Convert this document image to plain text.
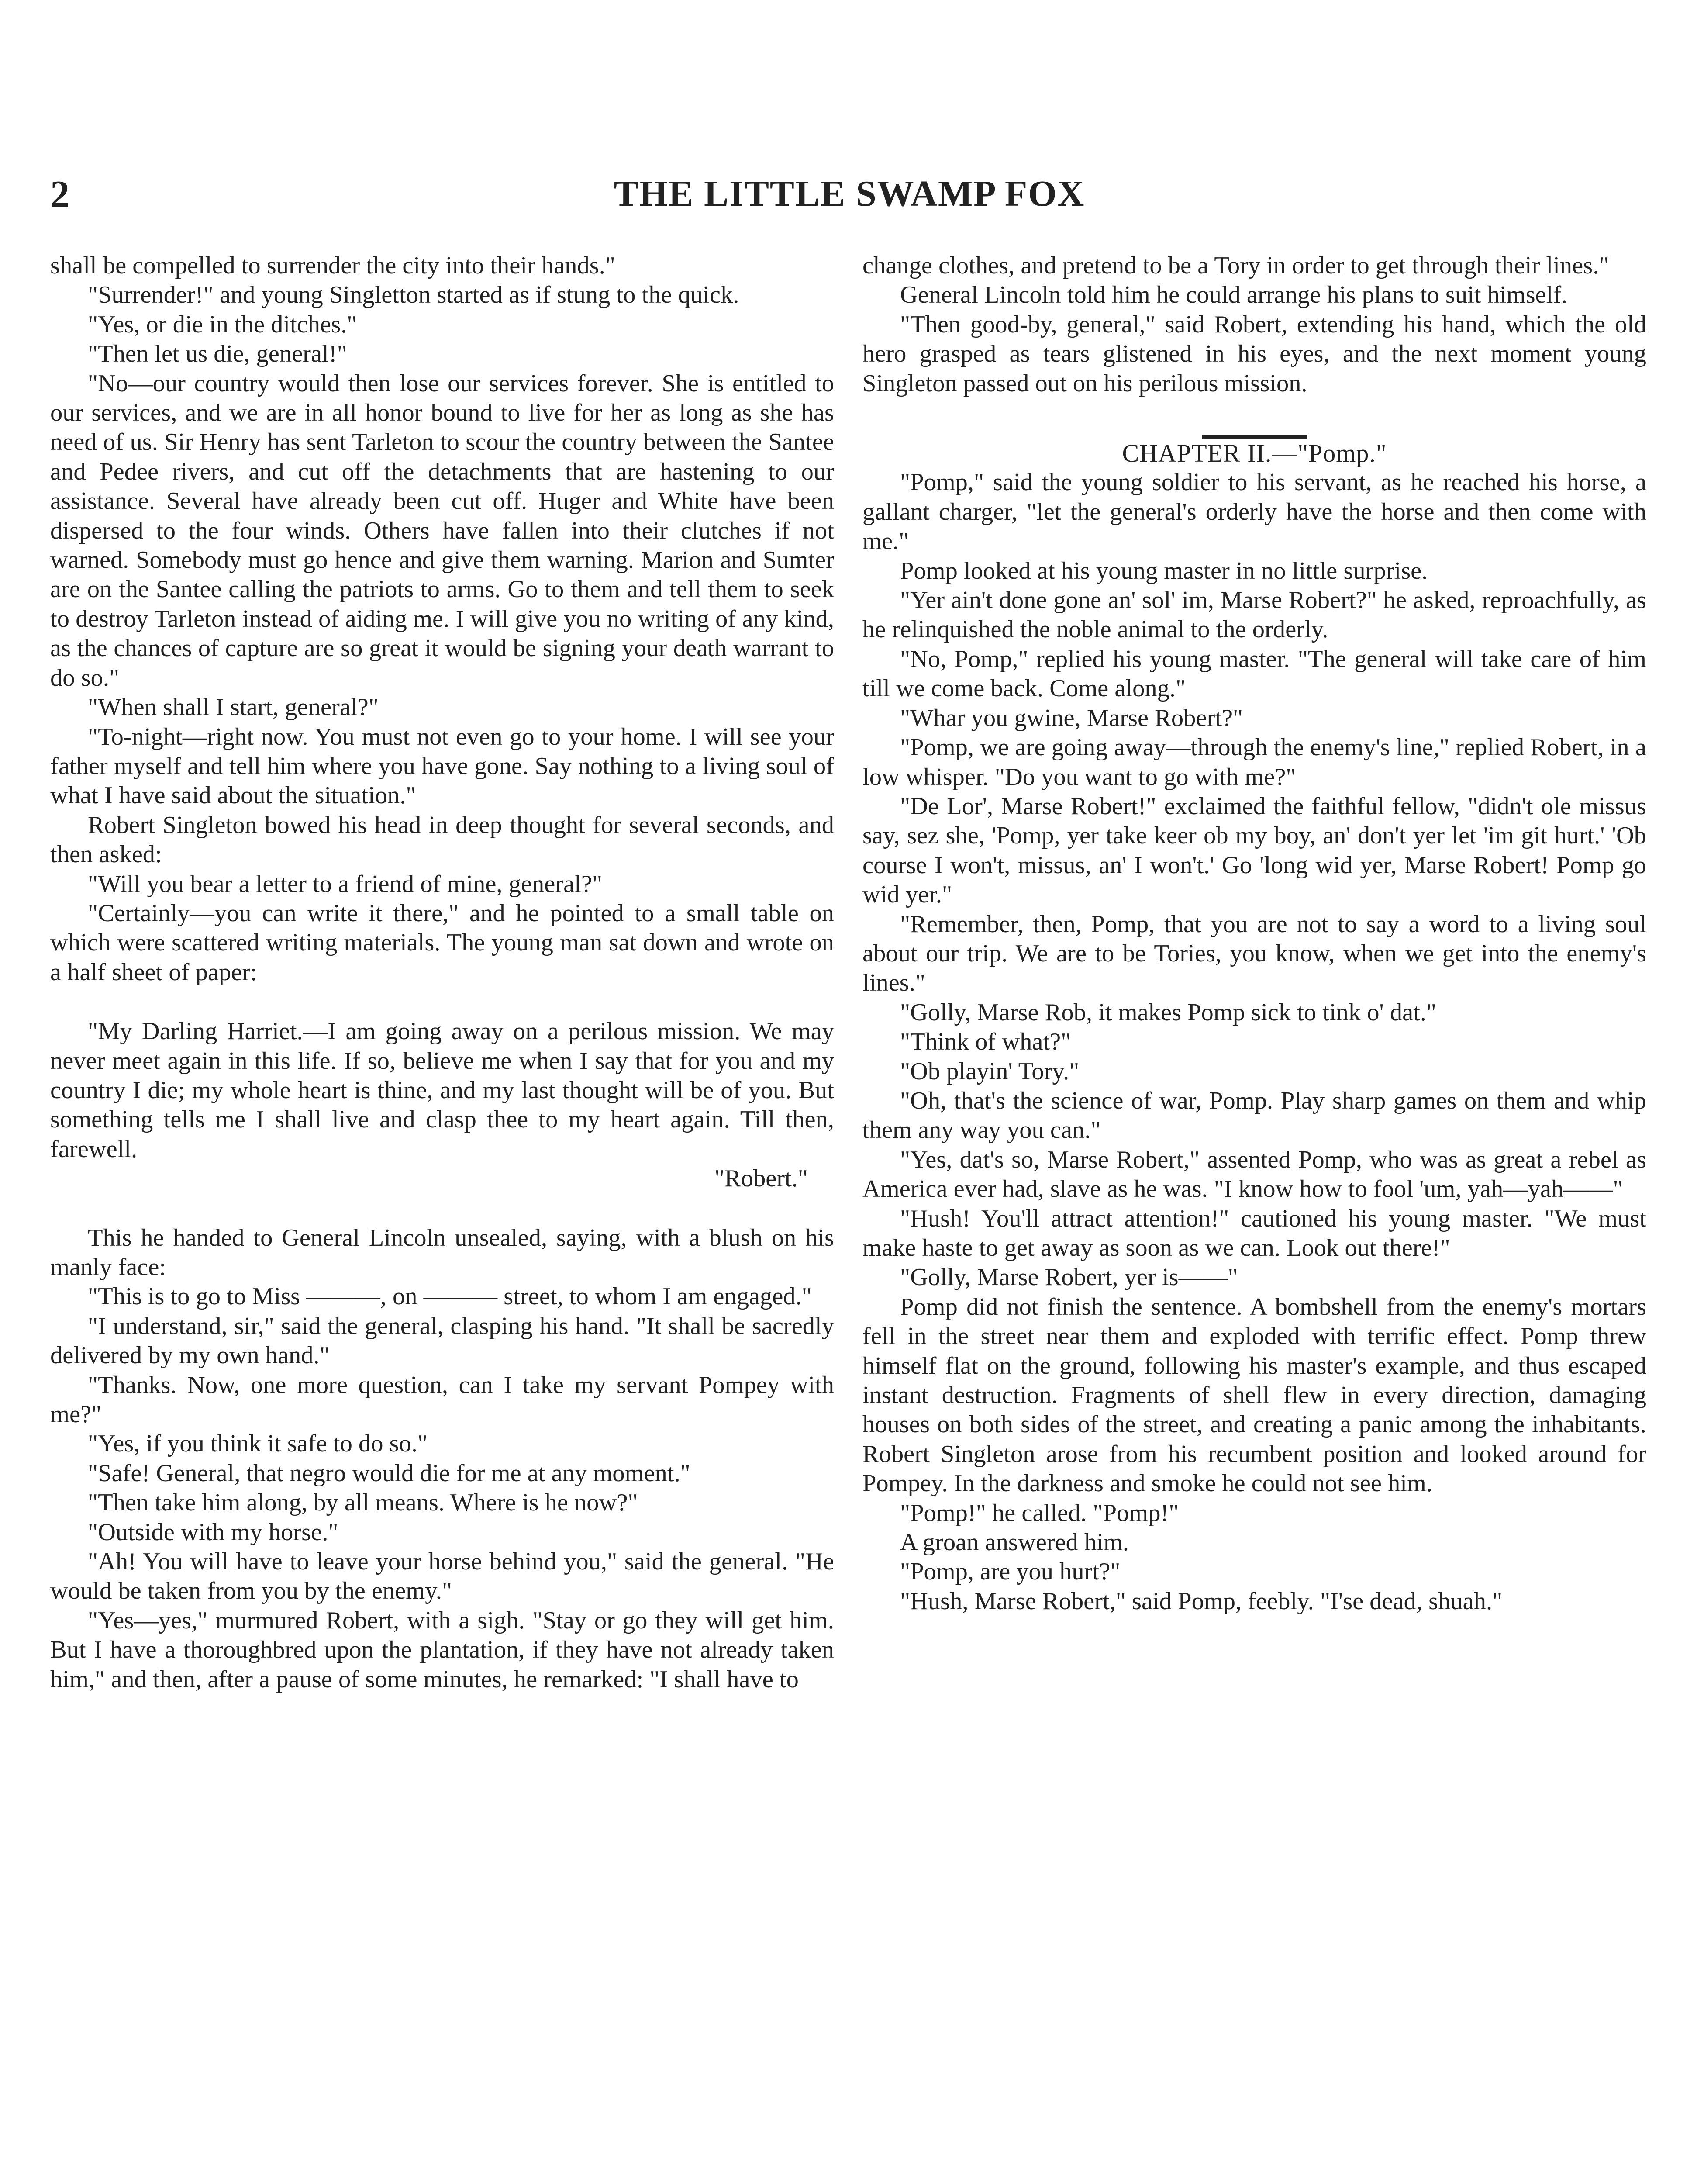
2	THE LITTLE SWAMP FOX

shall be compelled to surrender the city into their hands."

"Surrender!" and young Singletton started as if stung to the quick.

"Yes, or die in the ditches."

"Then let us die, general!"

"No—our country would then lose our services forever. She is entitled to our services, and we are in all honor bound to live for her as long as she has need of us. Sir Henry has sent Tarleton to scour the country between the Santee and Pedee rivers, and cut off the detachments that are hastening to our assistance. Several have already been cut off. Huger and White have been dispersed to the four winds. Others have fallen into their clutches if not warned. Somebody must go hence and give them warning. Marion and Sumter are on the Santee calling the patriots to arms. Go to them and tell them to seek to destroy Tarleton instead of aiding me. I will give you no writing of any kind, as the chances of capture are so great it would be signing your death warrant to do so."

"When shall I start, general?"

"To-night—right now. You must not even go to your home. I will see your father myself and tell him where you have gone. Say nothing to a living soul of what I have said about the situation."

Robert Singleton bowed his head in deep thought for several seconds, and then asked:

"Will you bear a letter to a friend of mine, general?"

"Certainly—you can write it there," and he pointed to a small table on which were scattered writing materials. The young man sat down and wrote on a half sheet of paper:

"My Darling Harriet.—I am going away on a perilous mission. We may never meet again in this life. If so, believe me when I say that for you and my country I die; my whole heart is thine, and my last thought will be of you. But something tells me I shall live and clasp thee to my heart again. Till then, farewell.

"Robert."

This he handed to General Lincoln unsealed, saying, with a blush on his manly face:

"This is to go to Miss ———, on ——— street, to whom I am engaged."

"I understand, sir," said the general, clasping his hand. "It shall be sacredly delivered by my own hand."

"Thanks. Now, one more question, can I take my servant Pompey with me?"

"Yes, if you think it safe to do so."

"Safe! General, that negro would die for me at any moment."

"Then take him along, by all means. Where is he now?"

"Outside with my horse."

"Ah! You will have to leave your horse behind you," said the general. "He would be taken from you by the enemy."

"Yes—yes," murmured Robert, with a sigh. "Stay or go they will get him. But I have a thoroughbred upon the plantation, if they have not already taken him," and then, after a pause of some minutes, he remarked: "I shall have to

change clothes, and pretend to be a Tory in order to get through their lines."

General Lincoln told him he could arrange his plans to suit himself.

"Then good-by, general," said Robert, extending his hand, which the old hero grasped as tears glistened in his eyes, and the next moment young Singleton passed out on his perilous mission.

CHAPTER II.—"Pomp."

"Pomp," said the young soldier to his servant, as he reached his horse, a gallant charger, "let the general's orderly have the horse and then come with me."

Pomp looked at his young master in no little surprise.

"Yer ain't done gone an' sol' im, Marse Robert?" he asked, reproachfully, as he relinquished the noble animal to the orderly.

"No, Pomp," replied his young master. "The general will take care of him till we come back. Come along."

"Whar you gwine, Marse Robert?"

"Pomp, we are going away—through the enemy's line," replied Robert, in a low whisper. "Do you want to go with me?"

"De Lor', Marse Robert!" exclaimed the faithful fellow, "didn't ole missus say, sez she, 'Pomp, yer take keer ob my boy, an' don't yer let 'im git hurt.' 'Ob course I won't, missus, an' I won't.' Go 'long wid yer, Marse Robert! Pomp go wid yer."

"Remember, then, Pomp, that you are not to say a word to a living soul about our trip. We are to be Tories, you know, when we get into the enemy's lines."

"Golly, Marse Rob, it makes Pomp sick to tink o' dat."

"Think of what?"

"Ob playin' Tory."

"Oh, that's the science of war, Pomp. Play sharp games on them and whip them any way you can."

"Yes, dat's so, Marse Robert," assented Pomp, who was as great a rebel as America ever had, slave as he was. "I know how to fool 'um, yah—yah——"

"Hush! You'll attract attention!" cautioned his young master. "We must make haste to get away as soon as we can. Look out there!"

"Golly, Marse Robert, yer is——"

Pomp did not finish the sentence. A bombshell from the enemy's mortars fell in the street near them and exploded with terrific effect. Pomp threw himself flat on the ground, following his master's example, and thus escaped instant destruction. Fragments of shell flew in every direction, damaging houses on both sides of the street, and creating a panic among the inhabitants. Robert Singleton arose from his recumbent position and looked around for Pompey. In the darkness and smoke he could not see him.

"Pomp!" he called. "Pomp!"

A groan answered him.

"Pomp, are you hurt?"

"Hush, Marse Robert," said Pomp, feebly. "I'se dead, shuah."
